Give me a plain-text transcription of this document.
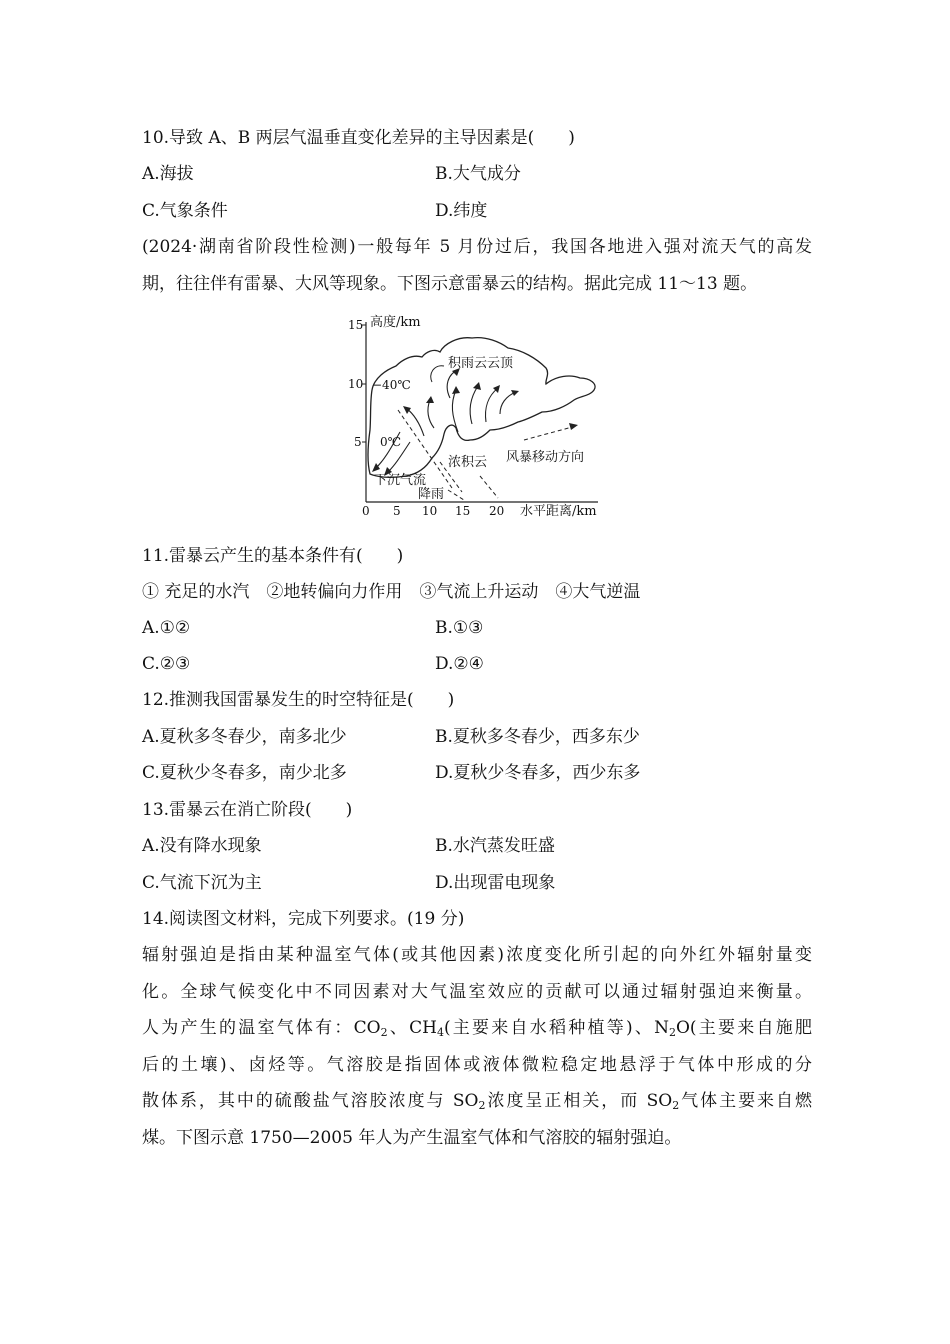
10.导致 A、B 两层气温垂直变化差异的主导因素是(　　)
A.海拔	B.大气成分
C.气象条件	D.纬度
(2024·湖南省阶段性检测)一般每年 5 月份过后，我国各地进入强对流天气的高发
期，往往伴有雷暴、大风等现象。下图示意雷暴云的结构。据此完成 11～13 题。
15
10
5
0 5 10 15 20
高度/km
水平距离/km
积雨云云顶
−40℃
0℃
浓积云
下沉气流
降雨
风暴移动方向
11.雷暴云产生的基本条件有(　　)
① 充足的水汽　②地转偏向力作用　③气流上升运动　④大气逆温
A.①②	B.①③
C.②③	D.②④
12.推测我国雷暴发生的时空特征是(　　)
A.夏秋多冬春少，南多北少	B.夏秋多冬春少，西多东少
C.夏秋少冬春多，南少北多	D.夏秋少冬春多，西少东多
13.雷暴云在消亡阶段(　　)
A.没有降水现象	B.水汽蒸发旺盛
C.气流下沉为主	D.出现雷电现象
14.阅读图文材料，完成下列要求。(19 分)
辐射强迫是指由某种温室气体(或其他因素)浓度变化所引起的向外红外辐射量变
化。全球气候变化中不同因素对大气温室效应的贡献可以通过辐射强迫来衡量。
人为产生的温室气体有：$CO_2$、$CH_4$(主要来自水稻种植等)、$N_2O$(主要来自施肥
后的土壤)、卤烃等。气溶胶是指固体或液体微粒稳定地悬浮于气体中形成的分
散体系，其中的硫酸盐气溶胶浓度与 $SO_2$浓度呈正相关，而 $SO_2$气体主要来自燃
煤。下图示意 1750—2005 年人为产生温室气体和气溶胶的辐射强迫。
